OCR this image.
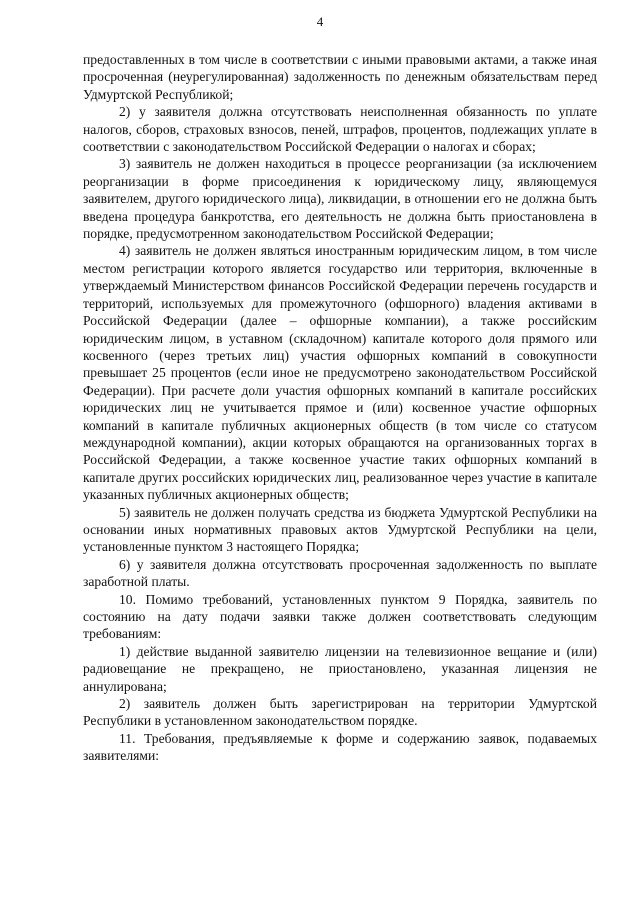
4

предоставленных в том числе в соответствии с иными правовыми актами, а также иная просроченная (неурегулированная) задолженность по денежным обязательствам перед Удмуртской Республикой;

2) у заявителя должна отсутствовать неисполненная обязанность по уплате налогов, сборов, страховых взносов, пеней, штрафов, процентов, подлежащих уплате в соответствии с законодательством Российской Федерации о налогах и сборах;

3) заявитель не должен находиться в процессе реорганизации (за исключением реорганизации в форме присоединения к юридическому лицу, являющемуся заявителем, другого юридического лица), ликвидации, в отношении его не должна быть введена процедура банкротства, его деятельность не должна быть приостановлена в порядке, предусмотренном законодательством Российской Федерации;

4) заявитель не должен являться иностранным юридическим лицом, в том числе местом регистрации которого является государство или территория, включенные в утверждаемый Министерством финансов Российской Федерации перечень государств и территорий, используемых для промежуточного (офшорного) владения активами в Российской Федерации (далее – офшорные компании), а также российским юридическим лицом, в уставном (складочном) капитале которого доля прямого или косвенного (через третьих лиц) участия офшорных компаний в совокупности превышает 25 процентов (если иное не предусмотрено законодательством Российской Федерации). При расчете доли участия офшорных компаний в капитале российских юридических лиц не учитывается прямое и (или) косвенное участие офшорных компаний в капитале публичных акционерных обществ (в том числе со статусом международной компании), акции которых обращаются на организованных торгах в Российской Федерации, а также косвенное участие таких офшорных компаний в капитале других российских юридических лиц, реализованное через участие в капитале указанных публичных акционерных обществ;

5) заявитель не должен получать средства из бюджета Удмуртской Республики на основании иных нормативных правовых актов Удмуртской Республики на цели, установленные пунктом 3 настоящего Порядка;

6) у заявителя должна отсутствовать просроченная задолженность по выплате заработной платы.

10. Помимо требований, установленных пунктом 9 Порядка, заявитель по состоянию на дату подачи заявки также должен соответствовать следующим требованиям:

1) действие выданной заявителю лицензии на телевизионное вещание и (или) радиовещание не прекращено, не приостановлено, указанная лицензия не аннулирована;

2) заявитель должен быть зарегистрирован на территории Удмуртской Республики в установленном законодательством порядке.

11. Требования, предъявляемые к форме и содержанию заявок, подаваемых заявителями:
